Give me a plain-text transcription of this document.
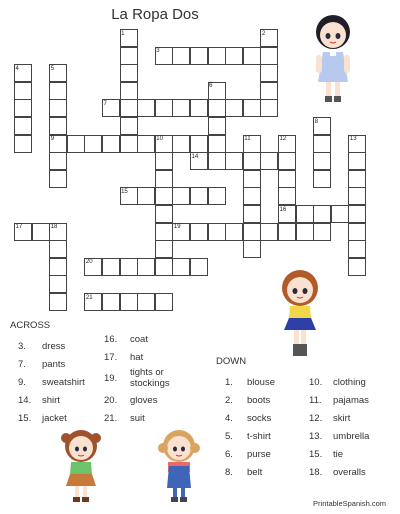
La Ropa Dos
1	2
3
4	5
6
7
8
9	10	11	12	13
14
15
16
17	18	19
20
21
ACROSS
3. dress
7. pants
9. sweatshirt
14. shirt
15. jacket
16. coat
17. hat
19.
tights or stockings
20. gloves
21. suit
DOWN
1. blouse
2. boots
4. socks
5. t-shirt
6. purse
8. belt
10. clothing
11. pajamas
12. skirt
13. umbrella
15. tie
18. overalls
PrintableSpanish.com
